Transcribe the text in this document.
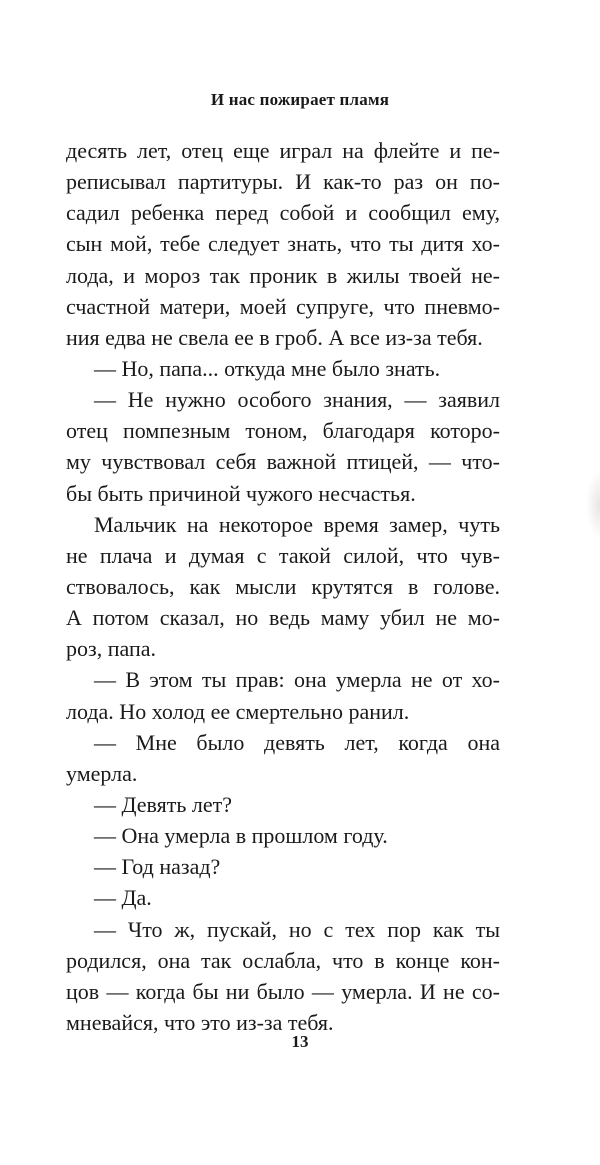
И нас пожирает пламя
десять лет, отец еще играл на флейте и пе-
реписывал партитуры. И как-то раз он по-
садил ребенка перед собой и сообщил ему,
сын мой, тебе следует знать, что ты дитя хо-
лода, и мороз так проник в жилы твоей не-
счастной матери, моей супруге, что пневмо-
ния едва не свела ее в гроб. А все из-за тебя.
— Но, папа... откуда мне было знать.
— Не нужно особого знания, — заявил
отец помпезным тоном, благодаря которо-
му чувствовал себя важной птицей, — что-
бы быть причиной чужого несчастья.
Мальчик на некоторое время замер, чуть
не плача и думая с такой силой, что чув-
ствовалось, как мысли крутятся в голове.
А потом сказал, но ведь маму убил не мо-
роз, папа.
— В этом ты прав: она умерла не от хо-
лода. Но холод ее смертельно ранил.
— Мне было девять лет, когда она
умерла.
— Девять лет?
— Она умерла в прошлом году.
— Год назад?
— Да.
— Что ж, пускай, но с тех пор как ты
родился, она так ослабла, что в конце кон-
цов — когда бы ни было — умерла. И не со-
мневайся, что это из-за тебя.
13
